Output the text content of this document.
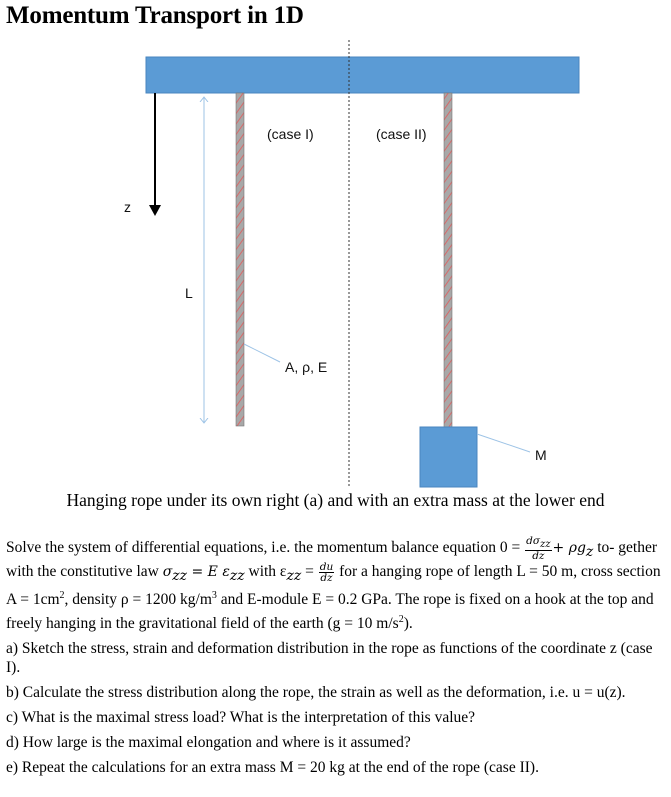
Momentum Transport in 1D
z
L
(case I)
A, ρ, E
(case II)
M
Hanging rope under its own right (a) and with an extra mass at the lower end

Solve the system of differential equations, i.e. the momentum balance equation $0 = \frac{d\sigma_{zz}}{dz} + \rho g_z$ to- gether with the constitutive law $\sigma_{zz} = E$ $\varepsilon_{zz}$ with $\varepsilon_{zz} = \frac{du}{dz}$ for a hanging rope of length L = 50 m, cross section $A = 1cm^2$, density ρ = 1200 $kg/m^3$ and E-module E = 0.2 GPa. The rope is fixed on a hook at the top and freely hanging in the gravitational field of the earth (g = 10 $m/s^2$).

a) Sketch the stress, strain and deformation distribution in the rope as functions of the coordinate z (case I).

b) Calculate the stress distribution along the rope, the strain as well as the deformation, i.e. u = u(z).

c) What is the maximal stress load? What is the interpretation of this value?

d) How large is the maximal elongation and where is it assumed?

e) Repeat the calculations for an extra mass M = 20 kg at the end of the rope (case II).
